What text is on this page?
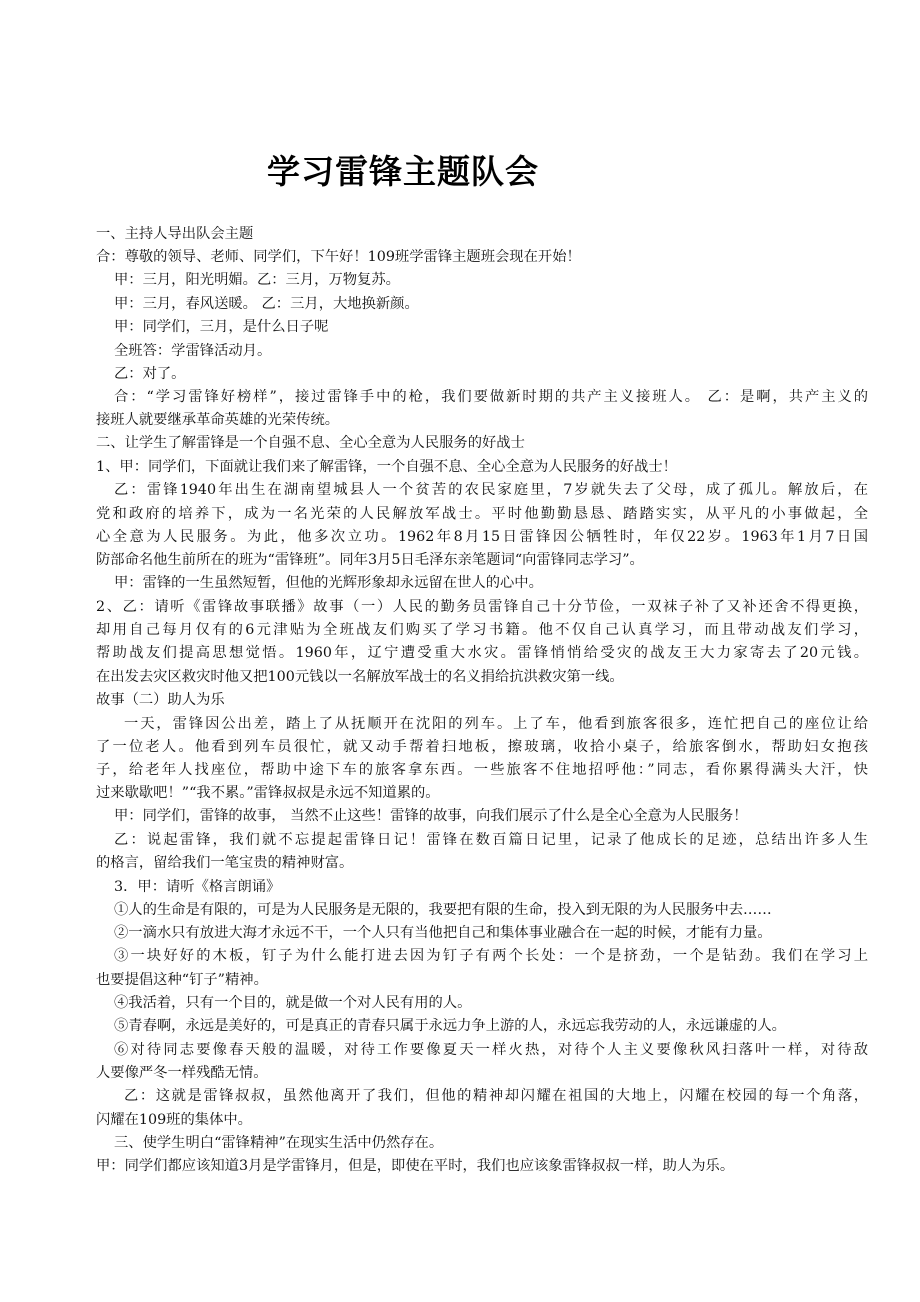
学习雷锋主题队会
一、主持人导出队会主题
合：尊敬的领导、老师、同学们，下午好！109班学雷锋主题班会现在开始！
甲：三月，阳光明媚。乙：三月，万物复苏。
甲：三月，春风送暖。 乙：三月，大地换新颜。
甲：同学们，三月，是什么日子呢
全班答：学雷锋活动月。
乙：对了。
合：“学习雷锋好榜样”，接过雷锋手中的枪，我们要做新时期的共产主义接班人。 乙：是啊，共产主义的
接班人就要继承革命英雄的光荣传统。
二、让学生了解雷锋是一个自强不息、全心全意为人民服务的好战士
1、甲：同学们，下面就让我们来了解雷锋，一个自强不息、全心全意为人民服务的好战士！
乙：雷锋1940年出生在湖南望城县人一个贫苦的农民家庭里，7岁就失去了父母，成了孤儿。解放后，在
党和政府的培养下，成为一名光荣的人民解放军战士。平时他勤勤恳恳、踏踏实实，从平凡的小事做起，全
心全意为人民服务。为此，他多次立功。1962年8月15日雷锋因公牺牲时，年仅22岁。1963年1月7日国
防部命名他生前所在的班为“雷锋班”。同年3月5日毛泽东亲笔题词“向雷锋同志学习”。
甲：雷锋的一生虽然短暂，但他的光辉形象却永远留在世人的心中。
2、乙：请听《雷锋故事联播》故事（一）人民的勤务员雷锋自己十分节俭，一双袜子补了又补还舍不得更换，
却用自己每月仅有的6元津贴为全班战友们购买了学习书籍。他不仅自己认真学习，而且带动战友们学习，
帮助战友们提高思想觉悟。1960年，辽宁遭受重大水灾。雷锋悄悄给受灾的战友王大力家寄去了20元钱。
在出发去灾区救灾时他又把100元钱以一名解放军战士的名义捐给抗洪救灾第一线。
故事（二）助人为乐
一天，雷锋因公出差，踏上了从抚顺开在沈阳的列车。上了车，他看到旅客很多，连忙把自己的座位让给
了一位老人。他看到列车员很忙，就又动手帮着扫地板，擦玻璃，收拾小桌子，给旅客倒水，帮助妇女抱孩
子，给老年人找座位，帮助中途下车的旅客拿东西。一些旅客不住地招呼他：”同志，看你累得满头大汗，快
过来歇歇吧！”“我不累。”雷锋叔叔是永远不知道累的。
甲：同学们，雷锋的故事， 当然不止这些！雷锋的故事，向我们展示了什么是全心全意为人民服务！
乙：说起雷锋，我们就不忘提起雷锋日记！雷锋在数百篇日记里，记录了他成长的足迹，总结出许多人生
的格言，留给我们一笔宝贵的精神财富。
3．甲：请听《格言朗诵》
①人的生命是有限的，可是为人民服务是无限的，我要把有限的生命，投入到无限的为人民服务中去……
②一滴水只有放进大海才永远不干，一个人只有当他把自己和集体事业融合在一起的时候，才能有力量。
③一块好好的木板，钉子为什么能打进去因为钉子有两个长处：一个是挤劲，一个是钻劲。我们在学习上
也要提倡这种“钉子”精神。
④我活着，只有一个目的，就是做一个对人民有用的人。
⑤青春啊，永远是美好的，可是真正的青春只属于永远力争上游的人，永远忘我劳动的人，永远谦虚的人。
⑥对待同志要像春天般的温暖，对待工作要像夏天一样火热，对待个人主义要像秋风扫落叶一样，对待敌
人要像严冬一样残酷无情。
乙：这就是雷锋叔叔，虽然他离开了我们，但他的精神却闪耀在祖国的大地上，闪耀在校园的每一个角落，
闪耀在109班的集体中。
三、使学生明白“雷锋精神”在现实生活中仍然存在。
甲：同学们都应该知道3月是学雷锋月，但是，即使在平时，我们也应该象雷锋叔叔一样，助人为乐。
